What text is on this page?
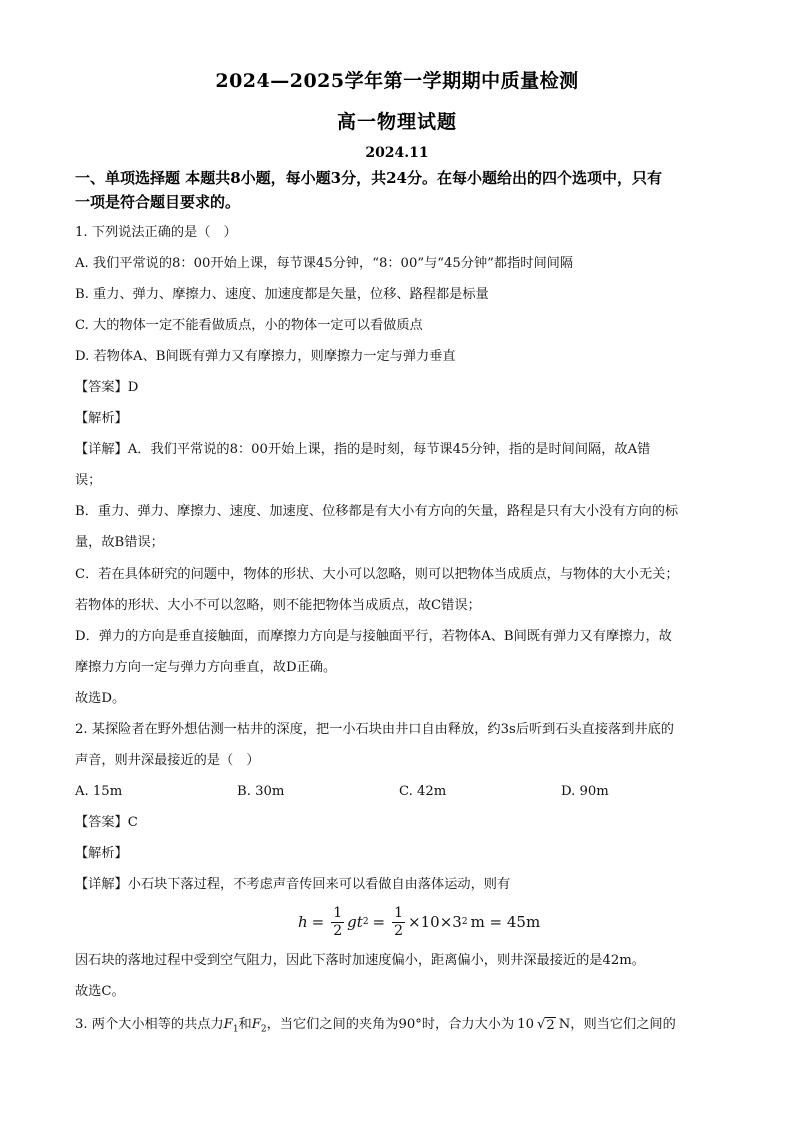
2024—2025学年第一学期期中质量检测
高一物理试题
2024.11
一、单项选择题 本题共8小题，每小题3分，共24分。在每小题给出的四个选项中，只有
一项是符合题目要求的。
1. 下列说法正确的是（　）
A. 我们平常说的8：00开始上课，每节课45分钟，“8：00”与“45分钟”都指时间间隔
B. 重力、弹力、摩擦力、速度、加速度都是矢量，位移、路程都是标量
C. 大的物体一定不能看做质点，小的物体一定可以看做质点
D. 若物体A、B间既有弹力又有摩擦力，则摩擦力一定与弹力垂直
【答案】D
【解析】
【详解】A．我们平常说的8：00开始上课，指的是时刻，每节课45分钟，指的是时间间隔，故A错
误；
B．重力、弹力、摩擦力、速度、加速度、位移都是有大小有方向的矢量，路程是只有大小没有方向的标
量，故B错误；
C．若在具体研究的问题中，物体的形状、大小可以忽略，则可以把物体当成质点，与物体的大小无关；
若物体的形状、大小不可以忽略，则不能把物体当成质点，故C错误；
D．弹力的方向是垂直接触面，而摩擦力方向是与接触面平行，若物体A、B间既有弹力又有摩擦力，故
摩擦力方向一定与弹力方向垂直，故D正确。
故选D。
2. 某探险者在野外想估测一枯井的深度，把一小石块由井口自由释放，约3s后听到石头直接落到井底的
声音，则井深最接近的是（　）
A. 15m	B. 30m	C. 42m	D. 90m
【答案】C
【解析】
【详解】小石块下落过程，不考虑声音传回来可以看做自由落体运动，则有
$h = \frac{1}{2}$ gt $2 = \frac{1}{2} \times 10\times 3$ 2 m = 45m
因石块的落地过程中受到空气阻力，因此下落时加速度偏小，距离偏小，则井深最接近的是42m。
故选C。
3. 两个大小相等的共点力$F_1$和$F_2$，当它们之间的夹角为90°时，合力大小为 10 √ 2 N，则当它们之间的
